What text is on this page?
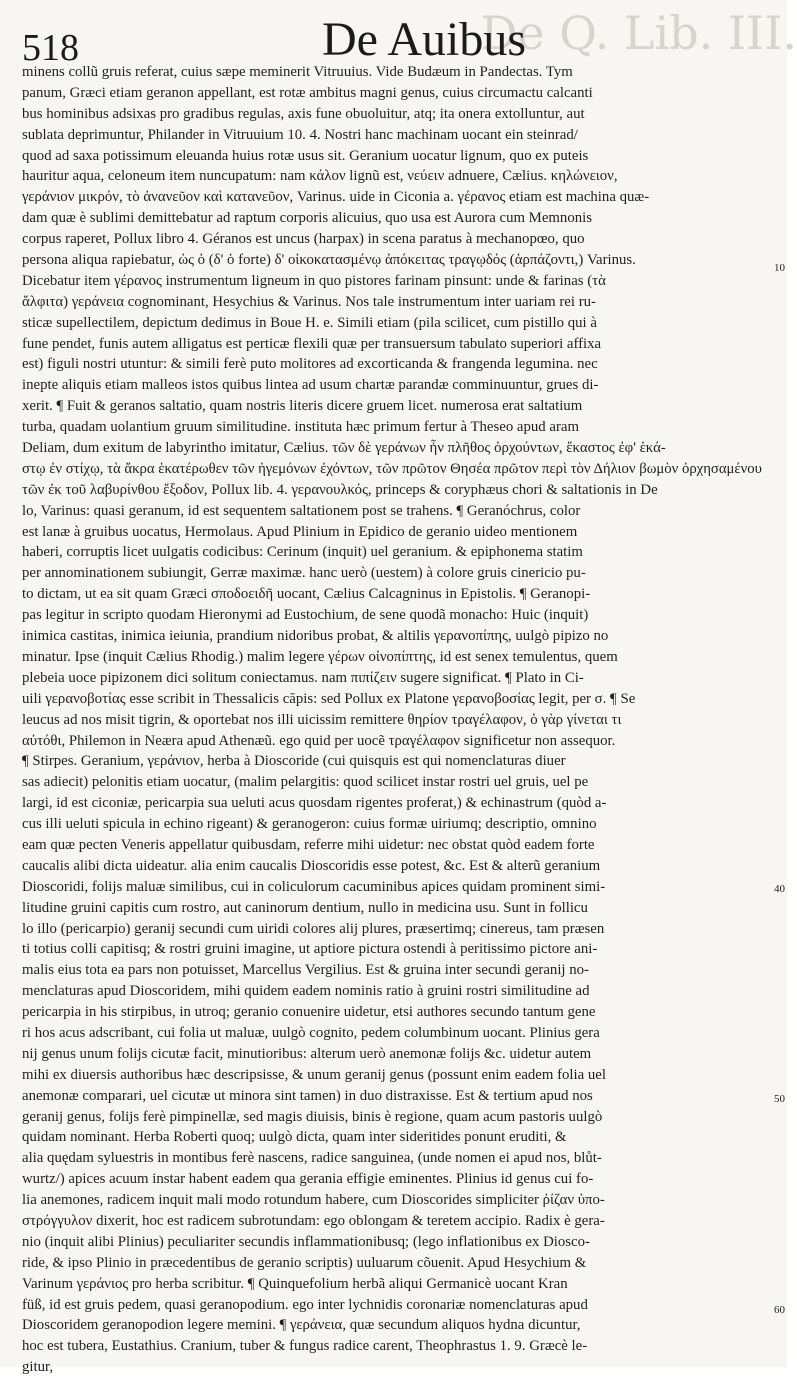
De Q. Lib. III.
518	De Auibus
minens collũ gruis referat, cuius sæpe meminerit Vitruuius. Vide Budæum in Pandectas. Tym
panum, Græci etiam geranon appellant, est rotæ ambitus magni genus, cuius circumactu calcanti
bus hominibus adsixas pro gradibus regulas, axis fune obuoluitur, atq; ita onera extolluntur, aut
sublata deprimuntur, Philander in Vitruuium 10. 4. Nostri hanc machinam uocant ein steinrad/
quod ad saxa potissimum eleuanda huius rotæ usus sit. Geranium uocatur lignum, quo ex puteis
hauritur aqua, celoneum item nuncupatum: nam κάλον lignũ est, νεύειν adnuere, Cælius. κηλώνειον,
γεράνιον μικρόν, τὸ ἀνανεῦον καὶ κατανεῦον, Varinus. uide in Ciconia a. γέρανος etiam est machina quæ-
dam quæ è sublimi demittebatur ad raptum corporis alicuius, quo usa est Aurora cum Memnonis
corpus raperet, Pollux libro 4. Géranos est uncus (harpax) in scena paratus à mechanopœo, quo
persona aliqua rapiebatur, ὡς ὁ (δ' ὁ forte) δ' οἰκοκατασμένῳ ἀπόκειτας τραγῳδός (ἁρπάζοντι,) Varinus.
Dicebatur item γέρανος instrumentum ligneum in quo pistores farinam pinsunt: unde & farinas (τὰ
ἄλφιτα) γεράνεια cognominant, Hesychius & Varinus. Nos tale instrumentum inter uariam rei ru-
sticæ supellectilem, depictum dedimus in Boue H. e. Simili etiam (pila scilicet, cum pistillo qui à
fune pendet, funis autem alligatus est perticæ flexili quæ per transuersum tabulato superiori affixa
est) figuli nostri utuntur: & simili ferè puto molitores ad excorticanda & frangenda legumina. nec
inepte aliquis etiam malleos istos quibus lintea ad usum chartæ parandæ comminuuntur, grues di-
xerit. ¶ Fuit & geranos saltatio, quam nostris literis dicere gruem licet. numerosa erat saltatium
turba, quadam uolantium gruum similitudine. instituta hæc primum fertur à Theseo apud aram
Deliam, dum exitum de labyrintho imitatur, Cælius. τῶν δὲ γεράνων ἦν πλῆθος ὀρχούντων, ἕκαστος ἐφ' ἑκά-
στῳ ἐν στίχῳ, τὰ ἄκρα ἑκατέρωθεν τῶν ἡγεμόνων ἐχόντων, τῶν πρῶτον Θησέα πρῶτον περὶ τὸν Δήλιον βωμὸν ὀρχησαμένου
τῶν ἐκ τοῦ λαβυρίνθου ἔξοδον, Pollux lib. 4. γερανουλκός, princeps & coryphæus chori & saltationis in De
lo, Varinus: quasi geranum, id est sequentem saltationem post se trahens. ¶ Geranóchrus, color
est lanæ à gruibus uocatus, Hermolaus. Apud Plinium in Epidico de geranio uideo mentionem
haberi, corruptis licet uulgatis codicibus: Cerinum (inquit) uel geranium. & epiphonema statim
per annominationem subiungit, Gerræ maximæ. hanc uerò (uestem) à colore gruis cinericio pu-
to dictam, ut ea sit quam Græci σποδοειδῆ uocant, Cælius Calcagninus in Epistolis. ¶ Geranopi-
pas legitur in scripto quodam Hieronymi ad Eustochium, de sene quodã monacho: Huic (inquit)
inimica castitas, inimica ieiunia, prandium nidoribus probat, & altilis γερανοπίπης, uulgò pipizo no
minatur. Ipse (inquit Cælius Rhodig.) malim legere γέρων οἰνοπίπτης, id est senex temulentus, quem
plebeia uoce pipizonem dici solitum coniectamus. nam πιπίζειν sugere significat. ¶ Plato in Ci-
uili γερανοβοτίας esse scribit in Thessalicis căpis: sed Pollux ex Platone γερανοβοσίας legit, per σ. ¶ Se
leucus ad nos misit tigrin, & oportebat nos illi uicissim remittere θηρίον τραγέλαφον, ὁ γὰρ γίνεται τι
αὐτόθι, Philemon in Neæra apud Athenæũ. ego quid per uocẽ τραγέλαφον significetur non assequor.
¶ Stirpes. Geranium, γεράνιον, herba à Dioscoride (cui quisquis est qui nomenclaturas diuer
sas adiecit) pelonitis etiam uocatur, (malim pelargitis: quod scilicet instar rostri uel gruis, uel pe
largi, id est ciconiæ, pericarpia sua ueluti acus quosdam rigentes proferat,) & echinastrum (quòd a-
cus illi ueluti spicula in echino rigeant) & geranogeron: cuius formæ uiriumq; descriptio, omnino
eam quæ pecten Veneris appellatur quibusdam, referre mihi uidetur: nec obstat quòd eadem forte
caucalis alibi dicta uideatur. alia enim caucalis Dioscoridis esse potest, &c. Est & alterũ geranium
Dioscoridi, folijs maluæ similibus, cui in coliculorum cacuminibus apices quidam prominent simi-
litudine gruini capitis cum rostro, aut caninorum dentium, nullo in medicina usu. Sunt in follicu
lo illo (pericarpio) geranij secundi cum uiridi colores alij plures, præsertimq; cinereus, tam præsen
ti totius colli capitisq; & rostri gruini imagine, ut aptiore pictura ostendi à peritissimo pictore ani-
malis eius tota ea pars non potuisset, Marcellus Vergilius. Est & gruina inter secundi geranij no-
menclaturas apud Dioscoridem, mihi quidem eadem nominis ratio à gruini rostri similitudine ad
pericarpia in his stirpibus, in utroq; geranio conuenire uidetur, etsi authores secundo tantum gene
ri hos acus adscribant, cui folia ut maluæ, uulgò cognito, pedem columbinum uocant. Plinius gera
nij genus unum folijs cicutæ facit, minutioribus: alterum uerò anemonæ folijs &c. uidetur autem
mihi ex diuersis authoribus hæc descripsisse, & unum geranij genus (possunt enim eadem folia uel
anemonæ comparari, uel cicutæ ut minora sint tamen) in duo distraxisse. Est & tertium apud nos
geranij genus, folijs ferè pimpinellæ, sed magis diuisis, binis è regione, quam acum pastoris uulgò
quidam nominant. Herba Roberti quoq; uulgò dicta, quam inter sideritides ponunt eruditi, &
alia quędam syluestris in montibus ferè nascens, radice sanguinea, (unde nomen ei apud nos, blůt-
wurtz/) apices acuum instar habent eadem qua gerania effigie eminentes. Plinius id genus cui fo-
lia anemones, radicem inquit mali modo rotundum habere, cum Dioscorides simpliciter ῥίζαν ὑπο-
στρόγγυλον dixerit, hoc est radicem subrotundam: ego oblongam & teretem accipio. Radix è gera-
nio (inquit alibi Plinius) peculiariter secundis inflammationibusq; (lego inflationibus ex Diosco-
ride, & ipso Plinio in præcedentibus de geranio scriptis) uuluarum cõuenit. Apud Hesychium &
Varinum γεράνιος pro herba scribitur. ¶ Quinquefolium herbã aliqui Germanicè uocant Kran
füß, id est gruis pedem, quasi geranopodium. ego inter lychnidis coronariæ nomenclaturas apud
Dioscoridem geranopodion legere memini. ¶ γεράνεια, quæ secundum aliquos hydna dicuntur,
hoc est tubera, Eustathius. Cranium, tuber & fungus radice carent, Theophrastus 1. 9. Græcè le-
gitur,
10
40
50
60
